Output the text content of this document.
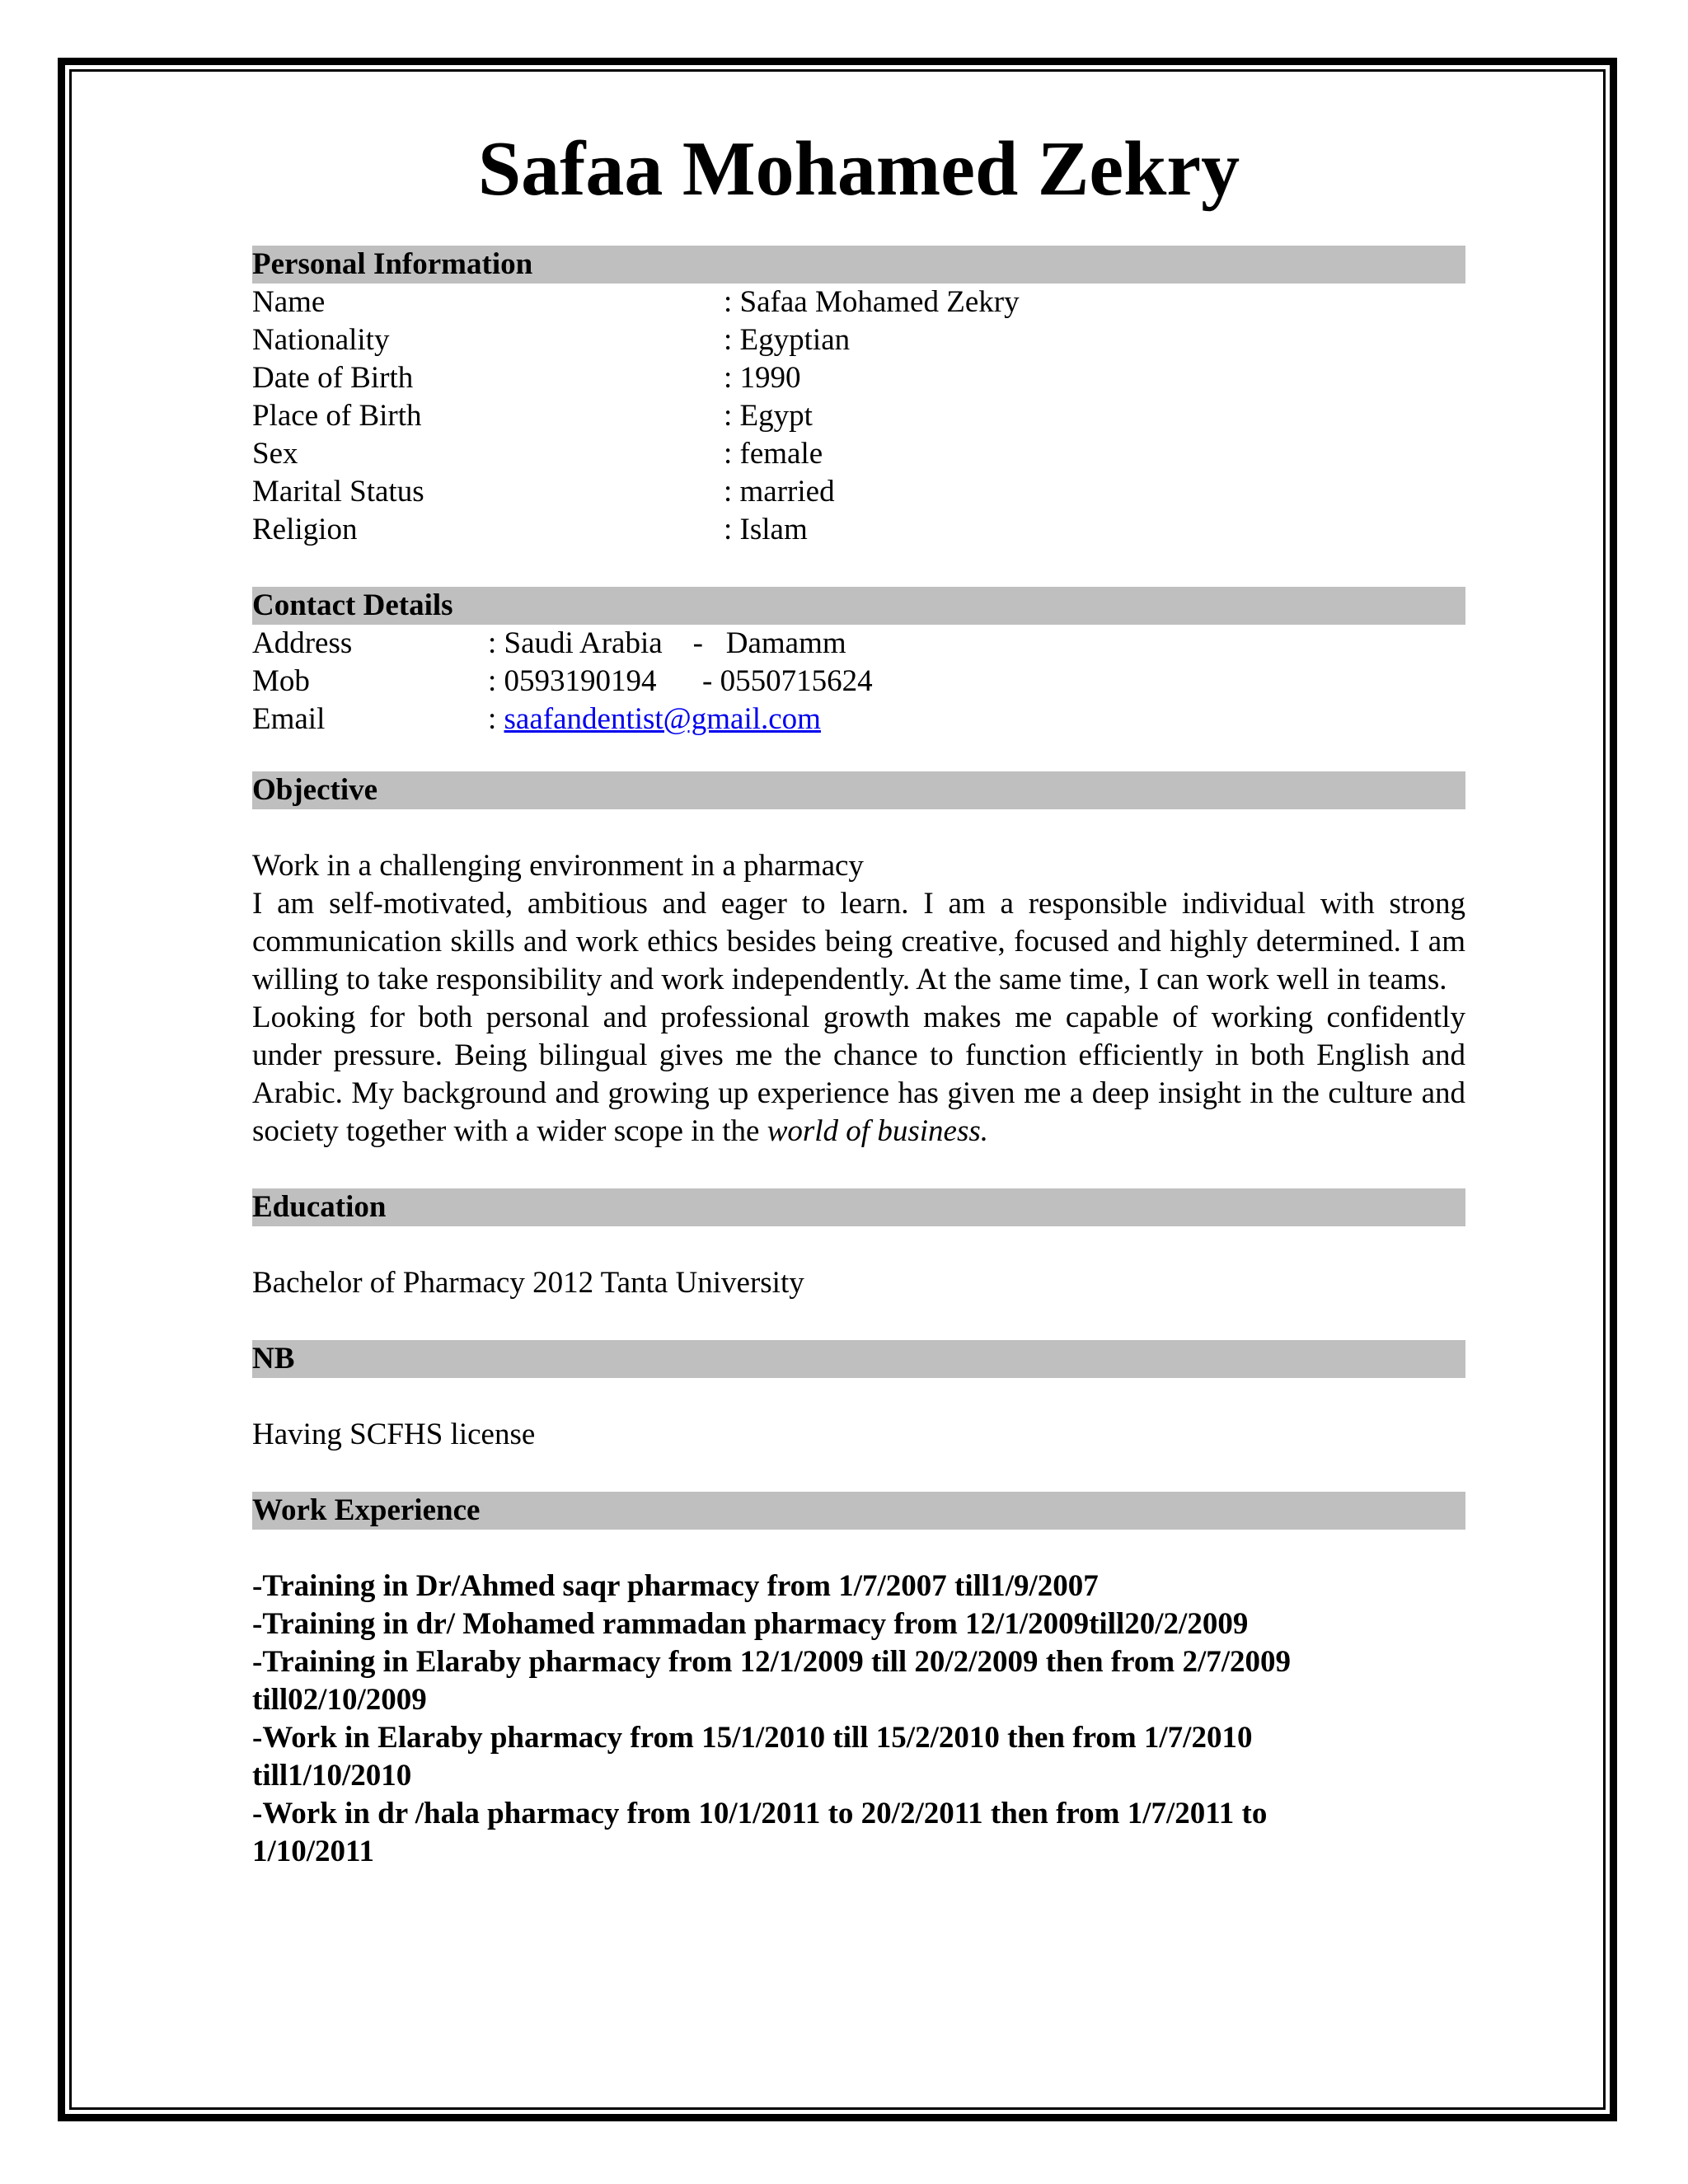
Safaa Mohamed Zekry
Personal Information
Name	: Safaa Mohamed Zekry
Nationality	: Egyptian
Date of Birth	: 1990
Place of Birth	: Egypt
Sex	: female
Marital Status	: married
Religion	: Islam
Contact Details
Address	: Saudi Arabia    -   Damamm
Mob	: 0593190194      - 0550715624
Email	: saafandentist@gmail.com
Objective

Work in a challenging environment in a pharmacy

I am self-motivated, ambitious and eager to learn. I am a responsible individual with strong communication skills and work ethics besides being creative, focused and highly determined. I am willing to take responsibility and work independently. At the same time, I can work well in teams.

Looking for both personal and professional growth makes me capable of working confidently under pressure. Being bilingual gives me the chance to function efficiently in both English and Arabic. My background and growing up experience has given me a deep insight in the culture and society together with a wider scope in the world of business.

Education

Bachelor of Pharmacy 2012 Tanta University

NB

Having SCFHS license

Work Experience

-Training in Dr/Ahmed saqr pharmacy from 1/7/2007 till1/9/2007

-Training in dr/ Mohamed rammadan pharmacy from 12/1/2009till20/2/2009

-Training in Elaraby pharmacy from 12/1/2009 till 20/2/2009 then from 2/7/2009 till02/10/2009

-Work in Elaraby pharmacy from 15/1/2010 till 15/2/2010 then from 1/7/2010 till1/10/2010

-Work in dr /hala pharmacy from 10/1/2011 to 20/2/2011 then from 1/7/2011 to 1/10/2011
